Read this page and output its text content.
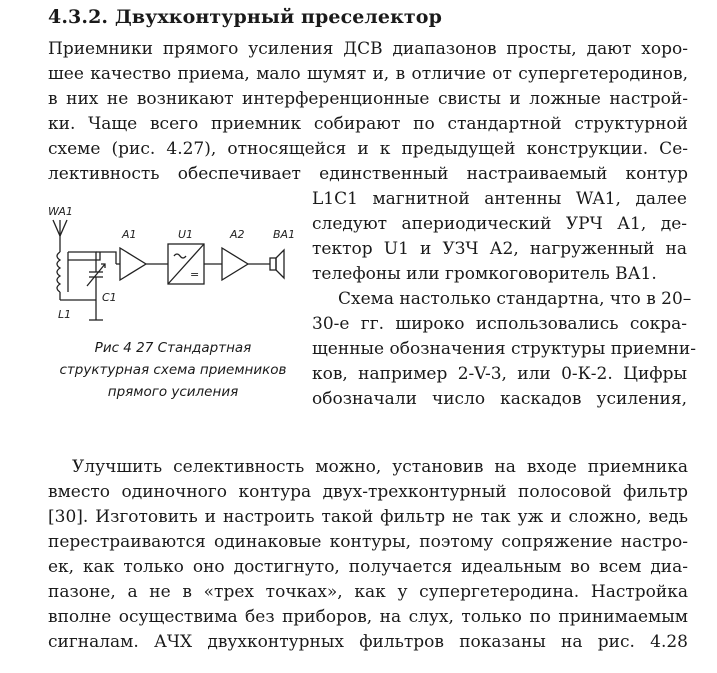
4.3.2. Двухконтурный преселектор
Приемники прямого усиления ДСВ диапазонов просты, дают хоро-
шее качество приема, мало шумят и, в отличие от супергетеродинов,
в них не возникают интерференционные свисты и ложные настрой-
ки. Чаще всего приемник собирают по стандартной структурной
схеме (рис. 4.27), относящейся и к предыдущей конструкции. Се-
лективность обеспечивает единственный настраиваемый контур
L1C1 магнитной антенны WA1, далее
следуют апериодический УРЧ А1, де-
тектор U1 и УЗЧ А2, нагруженный на
телефоны или громкоговоритель ВА1.
Схема настолько стандартна, что в 20–
30-е гг. широко использовались сокра-
щенные обозначения структуры приемни-
ков, например 2-V-3, или 0-К-2. Цифры
обозначали число каскадов усиления,
WA1
L1
C1
A1
=
U1	A2	BA1
Рис 4 27 Стандартная
структурная схема приемников
прямого усиления
Улучшить селективность можно, установив на входе приемника
вместо одиночного контура двух-трехконтурный полосовой фильтр
[30]. Изготовить и настроить такой фильтр не так уж и сложно, ведь
перестраиваются одинаковые контуры, поэтому сопряжение настро-
ек, как только оно достигнуто, получается идеальным во всем диа-
пазоне, а не в «трех точках», как у супергетеродина. Настройка
вполне осуществима без приборов, на слух, только по принимаемым
сигналам. АЧХ двухконтурных фильтров показаны на рис. 4.28
